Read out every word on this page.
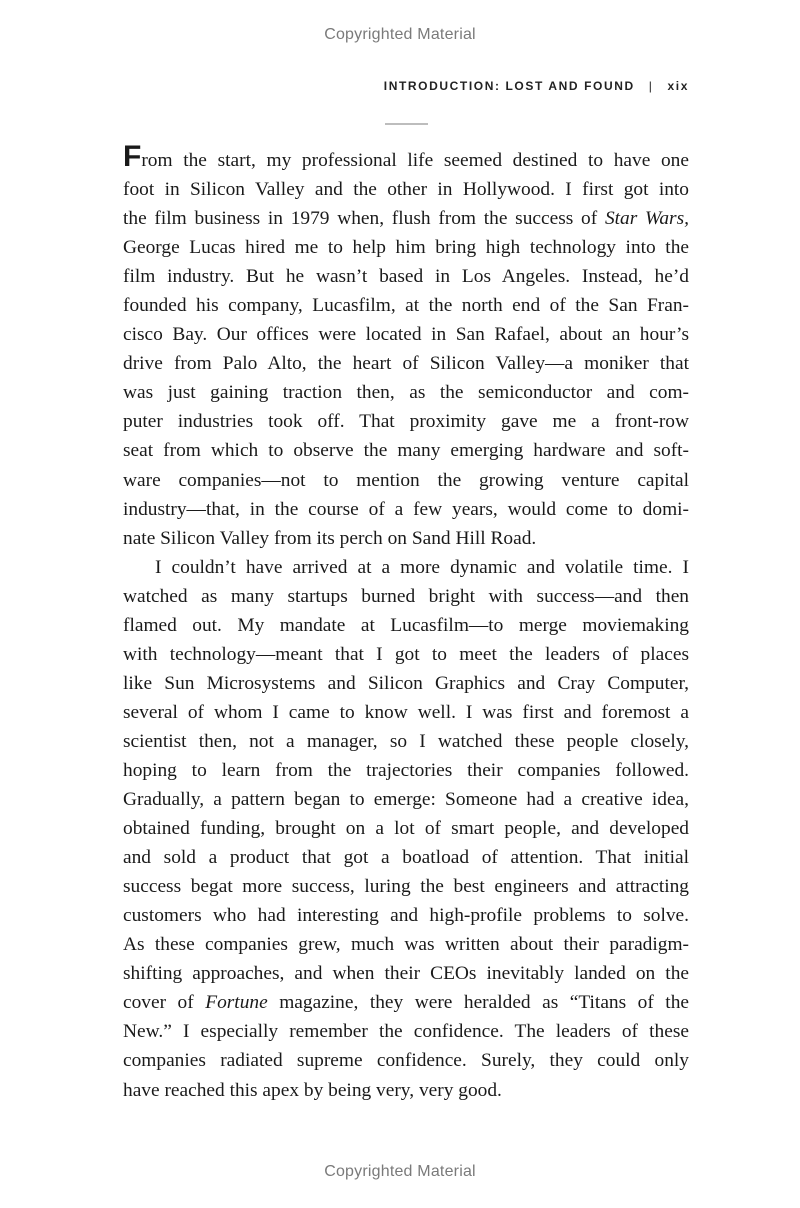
Copyrighted Material
INTRODUCTION: LOST AND FOUND | xix
From the start, my professional life seemed destined to have one
foot in Silicon Valley and the other in Hollywood. I first got into
the film business in 1979 when, flush from the success of Star Wars,
George Lucas hired me to help him bring high technology into the
film industry. But he wasn’t based in Los Angeles. Instead, he’d
founded his company, Lucasfilm, at the north end of the San Fran-
cisco Bay. Our offices were located in San Rafael, about an hour’s
drive from Palo Alto, the heart of Silicon Valley—a moniker that
was just gaining traction then, as the semiconductor and com-
puter industries took off. That proximity gave me a front-row
seat from which to observe the many emerging hardware and soft-
ware companies—not to mention the growing venture capital
industry—that, in the course of a few years, would come to domi-
nate Silicon Valley from its perch on Sand Hill Road.
I couldn’t have arrived at a more dynamic and volatile time. I
watched as many startups burned bright with success—and then
flamed out. My mandate at Lucasfilm—to merge moviemaking
with technology—meant that I got to meet the leaders of places
like Sun Microsystems and Silicon Graphics and Cray Computer,
several of whom I came to know well. I was first and foremost a
scientist then, not a manager, so I watched these people closely,
hoping to learn from the trajectories their companies followed.
Gradually, a pattern began to emerge: Someone had a creative idea,
obtained funding, brought on a lot of smart people, and developed
and sold a product that got a boatload of attention. That initial
success begat more success, luring the best engineers and attracting
customers who had interesting and high-profile problems to solve.
As these companies grew, much was written about their paradigm-
shifting approaches, and when their CEOs inevitably landed on the
cover of Fortune magazine, they were heralded as “Titans of the
New.” I especially remember the confidence. The leaders of these
companies radiated supreme confidence. Surely, they could only
have reached this apex by being very, very good.
Copyrighted Material
